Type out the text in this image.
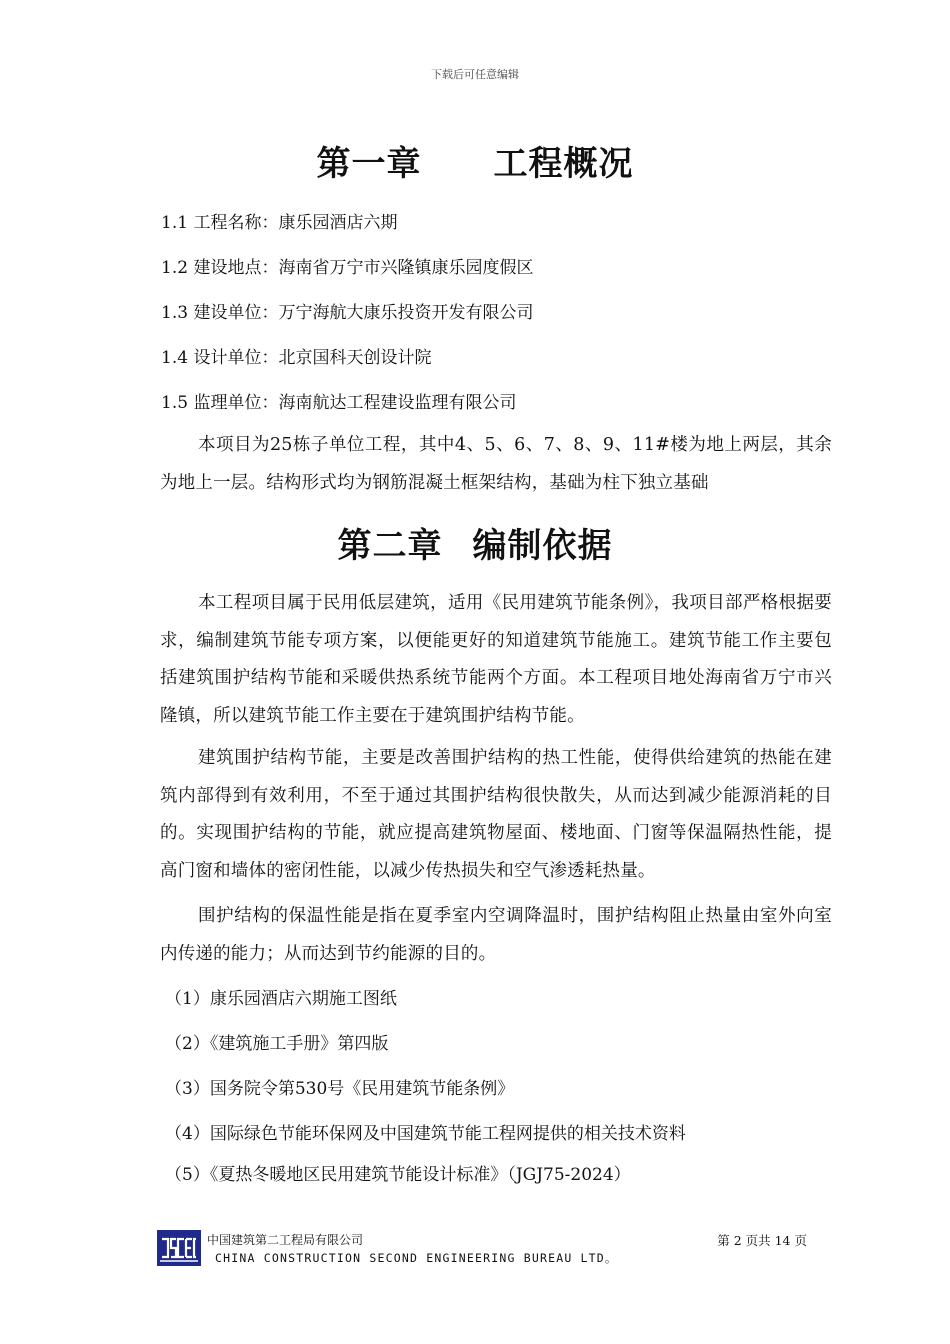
下载后可任意编辑
第一章 工程概况

1.1 工程名称：康乐园酒店六期

1.2 建设地点：海南省万宁市兴隆镇康乐园度假区

1.3 建设单位：万宁海航大康乐投资开发有限公司

1.4 设计单位：北京国科天创设计院

1.5 监理单位：海南航达工程建设监理有限公司

本项目为25栋子单位工程，其中4、5、6、7、8、9、11#楼为地上两层，其余为地上一层。结构形式均为钢筋混凝土框架结构，基础为柱下独立基础

第二章 编制依据

本工程项目属于民用低层建筑，适用《民用建筑节能条例》，我项目部严格根据要求，编制建筑节能专项方案，以便能更好的知道建筑节能施工。建筑节能工作主要包括建筑围护结构节能和采暖供热系统节能两个方面。本工程项目地处海南省万宁市兴隆镇，所以建筑节能工作主要在于建筑围护结构节能。

建筑围护结构节能，主要是改善围护结构的热工性能，使得供给建筑的热能在建筑内部得到有效利用，不至于通过其围护结构很快散失，从而达到减少能源消耗的目的。实现围护结构的节能，就应提高建筑物屋面、楼地面、门窗等保温隔热性能，提高门窗和墙体的密闭性能，以减少传热损失和空气渗透耗热量。

围护结构的保温性能是指在夏季室内空调降温时，围护结构阻止热量由室外向室内传递的能力；从而达到节约能源的目的。

（1）康乐园酒店六期施工图纸

（2）《建筑施工手册》第四版

（3）国务院令第530号《民用建筑节能条例》

（4）国际绿色节能环保网及中国建筑节能工程网提供的相关技术资料

（5）《夏热冬暖地区民用建筑节能设计标准》（JGJ75-2024）

中国建筑第二工程局有限公司
CHINA CONSTRUCTION SECOND ENGINEERING BUREAU LTD。
第 2 页共 14 页
